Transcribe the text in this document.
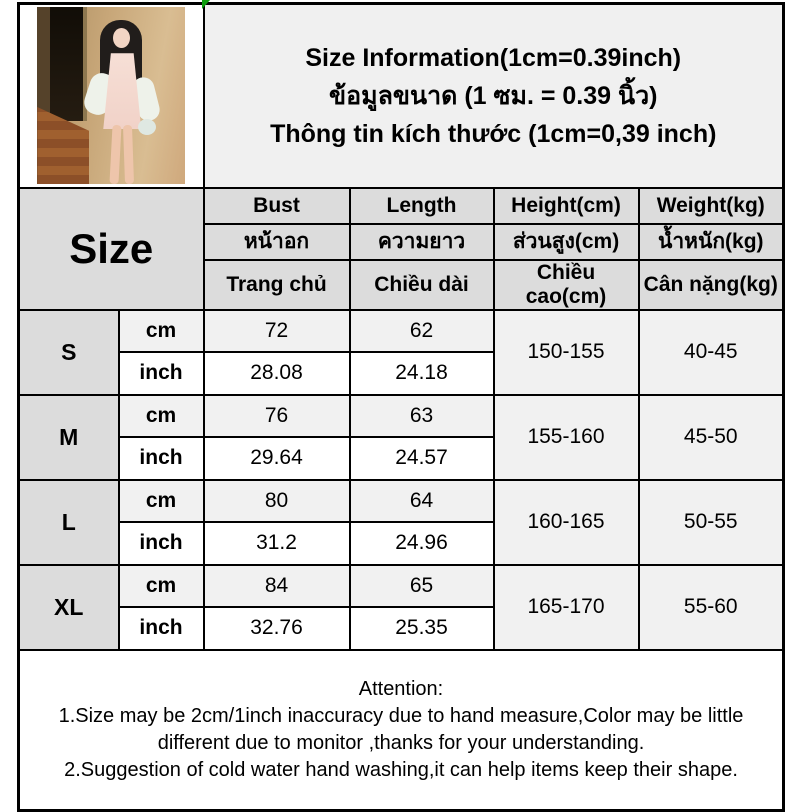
		Size Information(1cm=0.39inch)
ข้อมูลขนาด (1 ซม. = 0.39 นิ้ว)
Thông tin kích thước (1cm=0,39 inch)			

Size		Bust	Length	Height(cm)	Weight(kg)
		หน้าอก	ความยาว	ส่วนสูง(cm)	น้ำหนัก(kg)
		Trang chủ	Chiều dài	Chiều cao(cm)	Cân nặng(kg)
S	cm	72	62	150-155	40-45
	inch	28.08	24.18		
M	cm	76	63	155-160	45-50
	inch	29.64	24.57		
L	cm	80	64	160-165	50-55
	inch	31.2	24.96		
XL	cm	84	65	165-170	55-60
	inch	32.76	25.35		

Attention:
1.Size may be 2cm/1inch inaccuracy due to hand measure,Color may be little different due to monitor ,thanks for your understanding.
2.Suggestion of cold water hand washing,it can help items keep their shape.					
